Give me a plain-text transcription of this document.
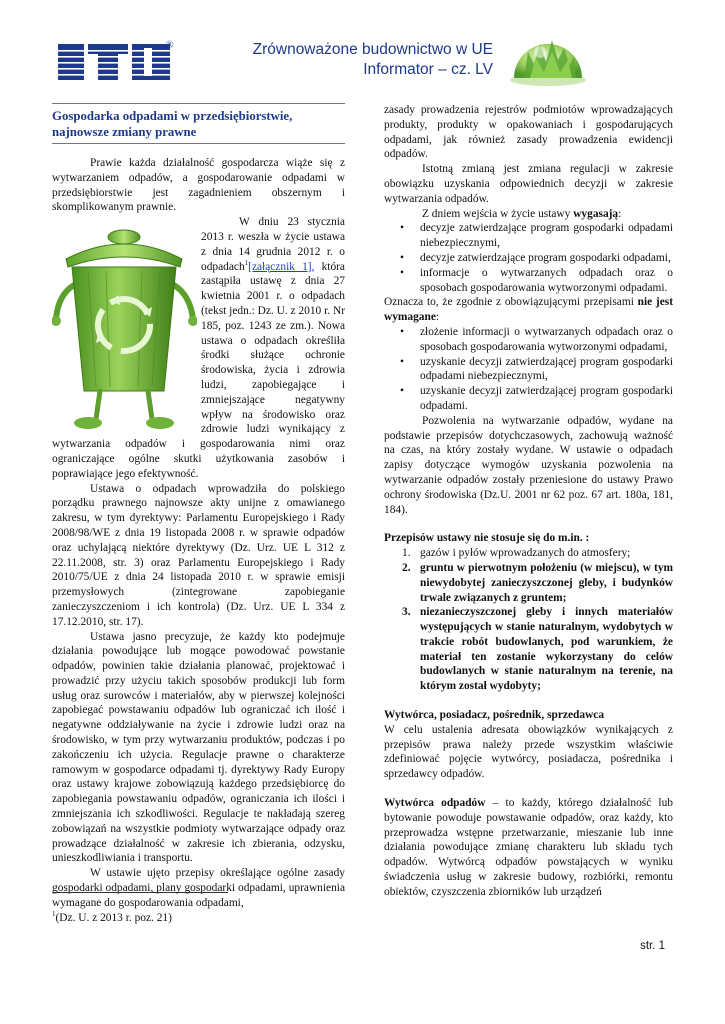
®	Zrównoważone budownictwo w UE
Informator – cz. LV
Gospodarka odpadami w przedsiębiorstwie, najnowsze zmiany prawne

Prawie każda działalność gospodarcza wiąże się z wytwarzaniem odpadów, a gospodarowanie odpadami w przedsiębiorstwie jest zagadnieniem obszernym i skomplikowanym prawnie.

W dniu 23 stycznia 2013 r. weszła w życie ustawa z dnia 14 grudnia 2012 r. o odpadach$^1$[załącznik 1], która zastąpiła ustawę z dnia 27 kwietnia 2001 r. o odpadach (tekst jedn.: Dz. U. z 2010 r. Nr 185, poz. 1243 ze zm.). Nowa ustawa o odpadach określiła środki służące ochronie środowiska, życia i zdrowia ludzi, zapobiegające i zmniejszające negatywny wpływ na środowisko oraz zdrowie ludzi wynikający z wytwarzania odpadów i gospodarowania nimi oraz ograniczające ogólne skutki użytkowania zasobów i poprawiające jego efektywność.

Ustawa o odpadach wprowadziła do polskiego porządku prawnego najnowsze akty unijne z omawianego zakresu, w tym dyrektywy: Parlamentu Europejskiego i Rady 2008/98/WE z dnia 19 listopada 2008 r. w sprawie odpadów oraz uchylającą niektóre dyrektywy (Dz. Urz. UE L 312 z 22.11.2008, str. 3) oraz Parlamentu Europejskiego i Rady 2010/75/UE z dnia 24 listopada 2010 r. w sprawie emisji przemysłowych (zintegrowane zapobieganie zanieczyszczeniom i ich kontrola) (Dz. Urz. UE L 334 z 17.12.2010, str. 17).

Ustawa jasno precyzuje, że każdy kto podejmuje działania powodujące lub mogące powodować powstanie odpadów, powinien takie działania planować, projektować i prowadzić przy użyciu takich sposobów produkcji lub form usług oraz surowców i materiałów, aby w pierwszej kolejności zapobiegać powstawaniu odpadów lub ograniczać ich ilość i negatywne oddziaływanie na życie i zdrowie ludzi oraz na środowisko, w tym przy wytwarzaniu produktów, podczas i po zakończeniu ich użycia. Regulacje prawne o charakterze ramowym w gospodarce odpadami tj. dyrektywy Rady Europy oraz ustawy krajowe zobowiązują każdego przedsiębiorcę do zapobiegania powstawaniu odpadów, ograniczania ich ilości i zmniejszania ich szkodliwości. Regulacje te nakładają szereg zobowiązań na wszystkie podmioty wytwarzające odpady oraz prowadzące działalność w zakresie ich zbierania, odzysku, unieszkodliwiania i transportu.

W ustawie ujęto przepisy określające ogólne zasady gospodarki odpadami, plany gospodarki odpadami, uprawnienia wymagane do gospodarowania odpadami,

$^1$(Dz. U. z 2013 r. poz. 21)

zasady prowadzenia rejestrów podmiotów wprowadzających produkty, produkty w opakowaniach i gospodarujących odpadami, jak również zasady prowadzenia ewidencji odpadów.

Istotną zmianą jest zmiana regulacji w zakresie obowiązku uzyskania odpowiednich decyzji w zakresie wytwarzania odpadów.

Z dniem wejścia w życie ustawy wygasają:

• decyzje zatwierdzające program gospodarki odpadami niebezpiecznymi,
• decyzje zatwierdzające program gospodarki odpadami,
• informacje o wytwarzanych odpadach oraz o sposobach gospodarowania wytworzonymi odpadami.

Oznacza to, że zgodnie z obowiązującymi przepisami nie jest wymagane:

• złożenie informacji o wytwarzanych odpadach oraz o sposobach gospodarowania wytworzonymi odpadami,
• uzyskanie decyzji zatwierdzającej program gospodarki odpadami niebezpiecznymi,
• uzyskanie decyzji zatwierdzającej program gospodarki odpadami.

Pozwolenia na wytwarzanie odpadów, wydane na podstawie przepisów dotychczasowych, zachowują ważność na czas, na który zostały wydane. W ustawie o odpadach zapisy dotyczące wymogów uzyskania pozwolenia na wytwarzanie odpadów zostały przeniesione do ustawy Prawo ochrony środowiska (Dz.U. 2001 nr 62 poz. 67 art. 180a, 181, 184).

Przepisów ustawy nie stosuje się do m.in. :

1. gazów i pyłów wprowadzanych do atmosfery;
2. gruntu w pierwotnym położeniu (w miejscu), w tym niewydobytej zanieczyszczonej gleby, i budynków trwale związanych z gruntem;
3. niezanieczyszczonej gleby i innych materiałów występujących w stanie naturalnym, wydobytych w trakcie robót budowlanych, pod warunkiem, że materiał ten zostanie wykorzystany do celów budowlanych w stanie naturalnym na terenie, na którym został wydobyty;

Wytwórca, posiadacz, pośrednik, sprzedawca

W celu ustalenia adresata obowiązków wynikających z przepisów prawa należy przede wszystkim właściwie zdefiniować pojęcie wytwórcy, posiadacza, pośrednika i sprzedawcy odpadów.

Wytwórca odpadów – to każdy, którego działalność lub bytowanie powoduje powstawanie odpadów, oraz każdy, kto przeprowadza wstępne przetwarzanie, mieszanie lub inne działania powodujące zmianę charakteru lub składu tych odpadów. Wytwórcą odpadów powstających w wyniku świadczenia usług w zakresie budowy, rozbiórki, remontu obiektów, czyszczenia zbiorników lub urządzeń

str. 1
